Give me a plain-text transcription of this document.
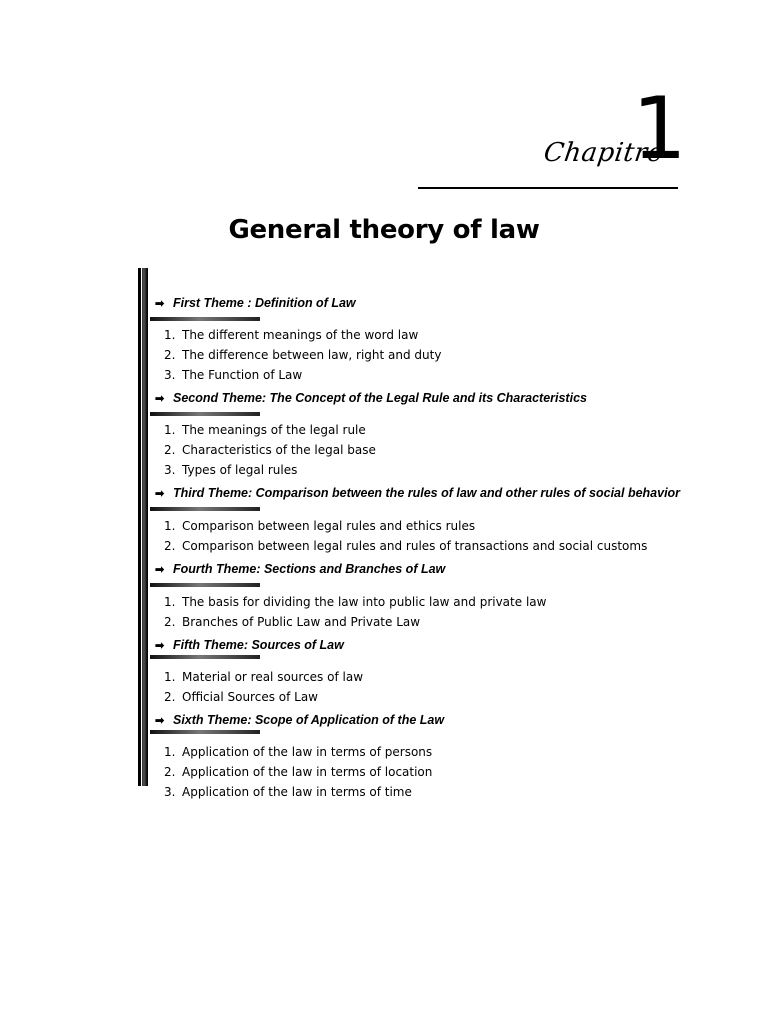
Chapitre
1
General theory of law
➡ First Theme : Definition of Law
1. The different meanings of the word law
2. The difference between law, right and duty
3. The Function of Law
➡ Second Theme: The Concept of the Legal Rule and its Characteristics
1. The meanings of the legal rule
2. Characteristics of the legal base
3. Types of legal rules
➡ Third Theme: Comparison between the rules of law and other rules of social behavior
1. Comparison between legal rules and ethics rules
2. Comparison between legal rules and rules of transactions and social customs
➡ Fourth Theme: Sections and Branches of Law
1. The basis for dividing the law into public law and private law
2. Branches of Public Law and Private Law
➡ Fifth Theme: Sources of Law
1. Material or real sources of law
2. Official Sources of Law
➡ Sixth Theme: Scope of Application of the Law
1. Application of the law in terms of persons
2. Application of the law in terms of location
3. Application of the law in terms of time
